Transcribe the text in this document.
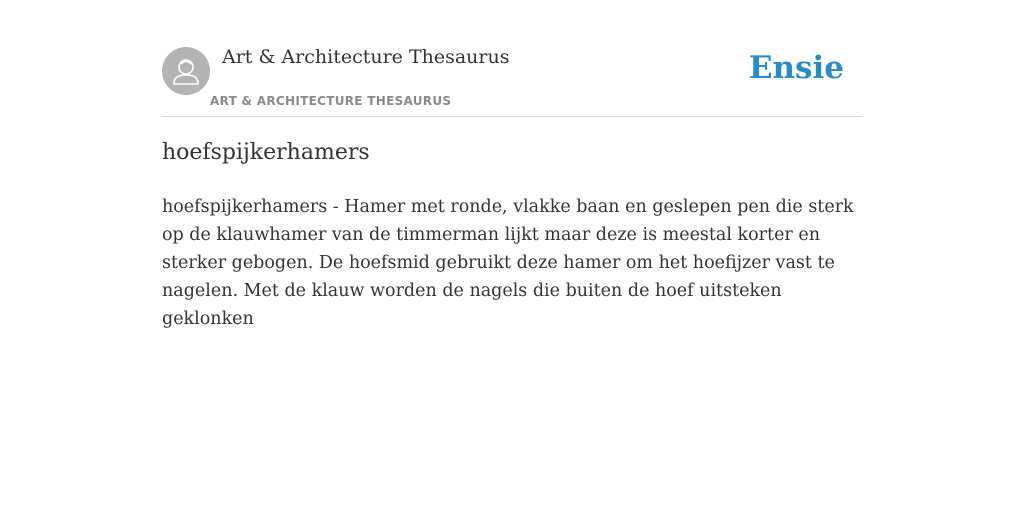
Art & Architecture Thesaurus
ART & ARCHITECTURE THESAURUS
Ensie
hoefspijkerhamers

hoefspijkerhamers - Hamer met ronde, vlakke baan en geslepen pen die sterk op de klauwhamer van de timmerman lijkt maar deze is meestal korter en sterker gebogen. De hoefsmid gebruikt deze hamer om het hoefijzer vast te nagelen. Met de klauw worden de nagels die buiten de hoef uitsteken geklonken
